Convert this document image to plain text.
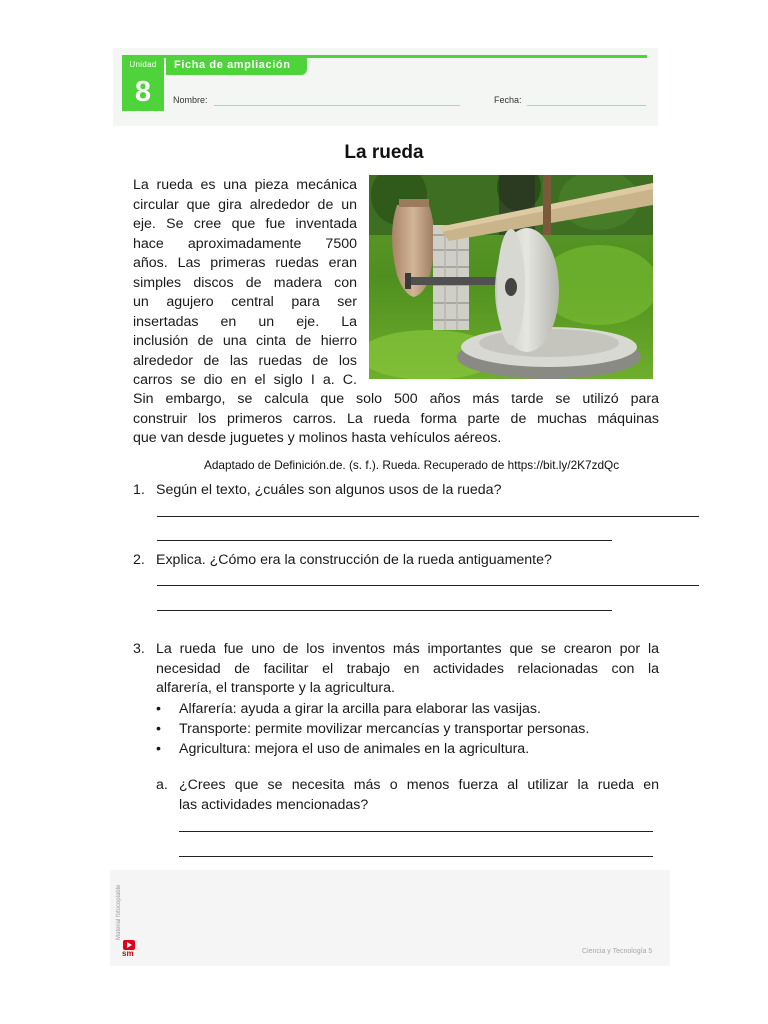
Unidad
8
Ficha de ampliación
Nombre:	Fecha:
La rueda
La rueda es una pieza mecánica
circular que gira alrededor de un
eje. Se cree que fue inventada
hace aproximadamente 7500
años. Las primeras ruedas eran
simples discos de madera con
un agujero central para ser
insertadas en un eje. La
inclusión de una cinta de hierro
alrededor de las ruedas de los
carros se dio en el siglo I a. C.
Sin embargo, se calcula que solo 500 años más tarde se utilizó para
construir los primeros carros. La rueda forma parte de muchas máquinas
que van desde juguetes y molinos hasta vehículos aéreos.
Adaptado de Definición.de. (s. f.). Rueda. Recuperado de https://bit.ly/2K7zdQc
1. Según el texto, ¿cuáles son algunos usos de la rueda?
2. Explica. ¿Cómo era la construcción de la rueda antiguamente?
3. La rueda fue uno de los inventos más importantes que se crearon por la
necesidad de facilitar el trabajo en actividades relacionadas con la
alfarería, el transporte y la agricultura.
• Alfarería: ayuda a girar la arcilla para elaborar las vasijas.
• Transporte: permite movilizar mercancías y transportar personas.
• Agricultura: mejora el uso de animales en la agricultura.
a. ¿Crees que se necesita más o menos fuerza al utilizar la rueda en
las actividades mencionadas?
Material fotocopiable
sm	Ciencia y Tecnología 5
